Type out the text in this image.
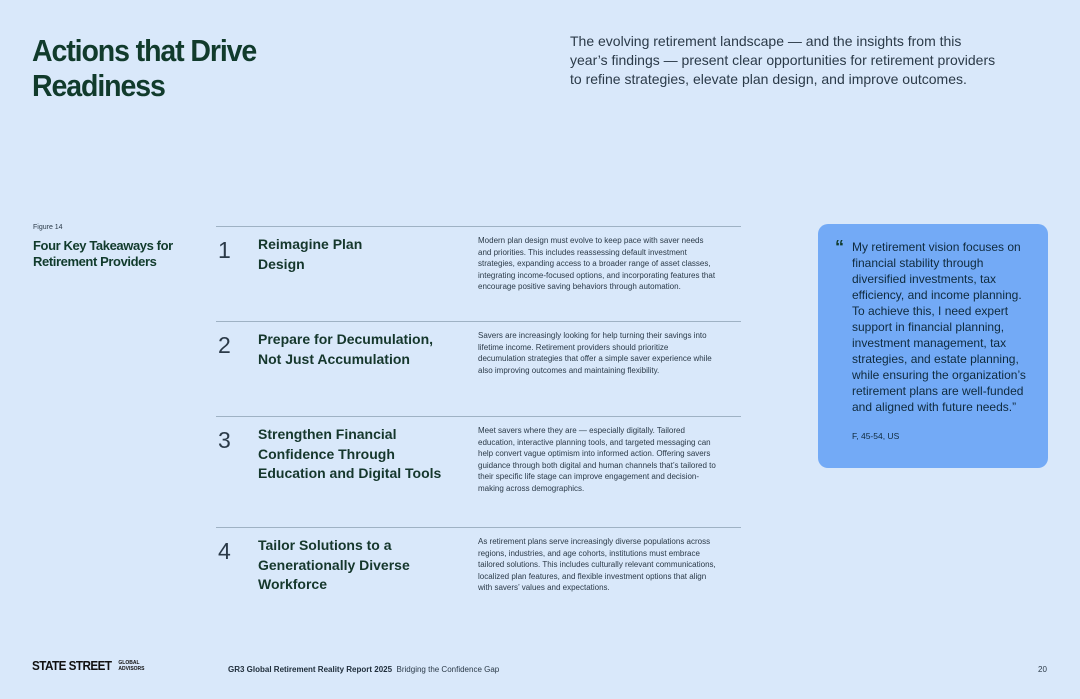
Actions that Drive Readiness
The evolving retirement landscape — and the insights from this year’s findings — present clear opportunities for retirement providers to refine strategies, elevate plan design, and improve outcomes.
Figure 14
Four Key Takeaways for Retirement Providers	1 Reimagine Plan Design
Modern plan design must evolve to keep pace with saver needs and priorities. This includes reassessing default investment strategies, expanding access to a broader range of asset classes, integrating income-focused options, and incorporating features that encourage positive saving behaviors through automation.
2 Prepare for Decumulation, Not Just Accumulation
Savers are increasingly looking for help turning their savings into lifetime income. Retirement providers should prioritize decumulation strategies that offer a simple saver experience while also improving outcomes and maintaining flexibility.
3 Strengthen Financial Confidence Through Education and Digital Tools
Meet savers where they are — especially digitally. Tailored education, interactive planning tools, and targeted messaging can help convert vague optimism into informed action. Offering savers guidance through both digital and human channels that’s tailored to their specific life stage can improve engagement and decision-making across demographics.
4 Tailor Solutions to a Generationally Diverse Workforce
As retirement plans serve increasingly diverse populations across regions, industries, and age cohorts, institutions must embrace tailored solutions. This includes culturally relevant communications, localized plan features, and flexible investment options that align with savers’ values and expectations.
“ My retirement vision focuses on financial stability through diversified investments, tax efficiency, and income planning. To achieve this, I need expert support in financial planning, investment management, tax strategies, and estate planning, while ensuring the organization’s retirement plans are well-funded and aligned with future needs.”
F, 45-54, US
STATE STREET GLOBAL
ADVISORS	GR3 Global Retirement Reality Report 2025 Bridging the Confidence Gap	20
